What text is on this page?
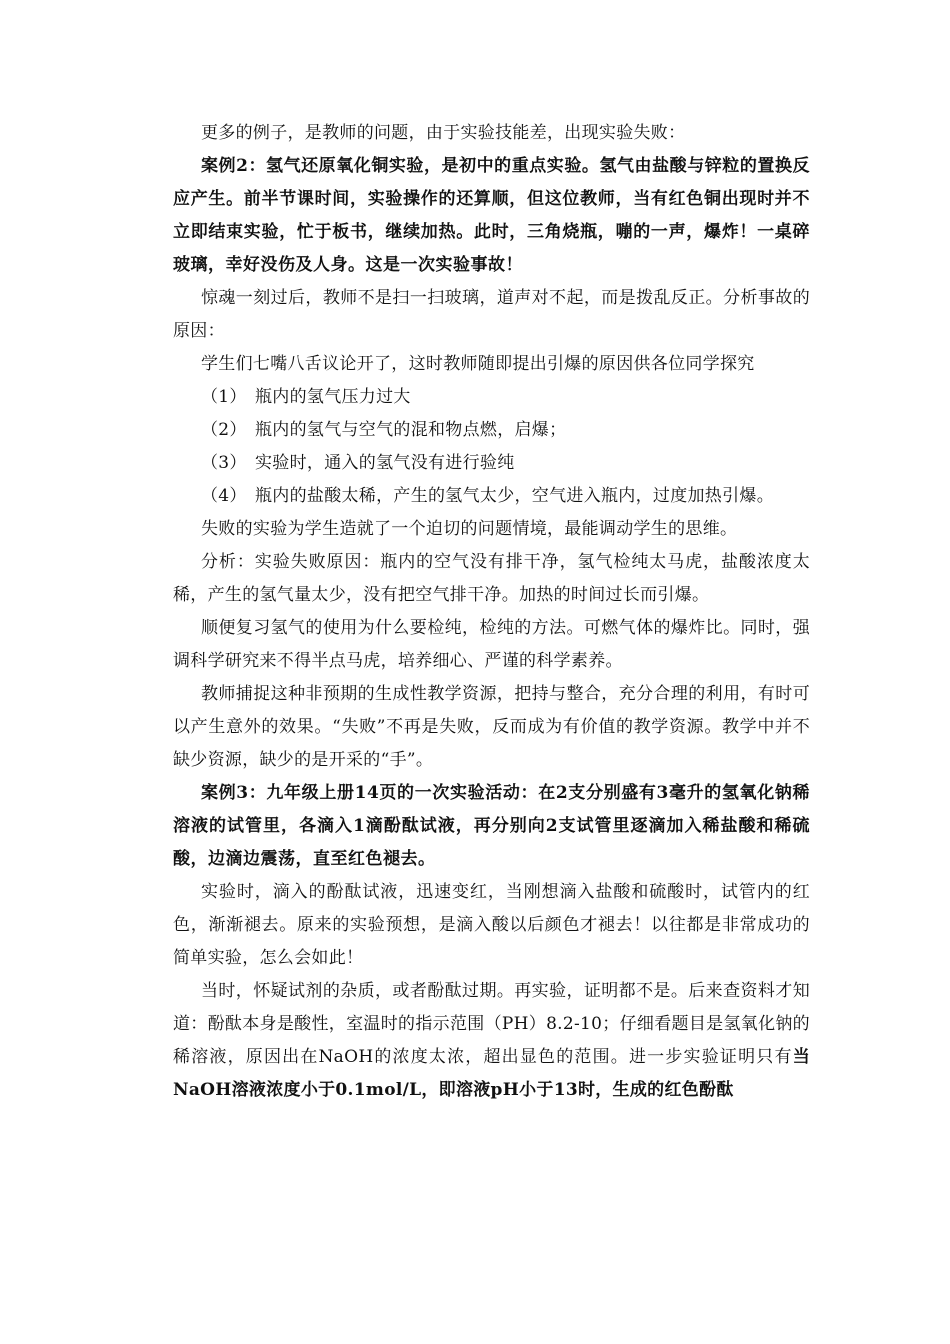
更多的例子，是教师的问题，由于实验技能差，出现实验失败：

案例2：氢气还原氧化铜实验，是初中的重点实验。氢气由盐酸与锌粒的置换反应产生。前半节课时间，实验操作的还算顺，但这位教师，当有红色铜出现时并不立即结束实验，忙于板书，继续加热。此时，三角烧瓶，嘣的一声，爆炸！一桌碎玻璃，幸好没伤及人身。这是一次实验事故！

惊魂一刻过后，教师不是扫一扫玻璃，道声对不起，而是拨乱反正。分析事故的原因：

学生们七嘴八舌议论开了，这时教师随即提出引爆的原因供各位同学探究

（1） 瓶内的氢气压力过大

（2） 瓶内的氢气与空气的混和物点燃，启爆；

（3） 实验时，通入的氢气没有进行验纯

（4） 瓶内的盐酸太稀，产生的氢气太少，空气进入瓶内，过度加热引爆。

失败的实验为学生造就了一个迫切的问题情境，最能调动学生的思维。

分析：实验失败原因：瓶内的空气没有排干净，氢气检纯太马虎，盐酸浓度太稀，产生的氢气量太少，没有把空气排干净。加热的时间过长而引爆。

顺便复习氢气的使用为什么要检纯，检纯的方法。可燃气体的爆炸比。同时，强调科学研究来不得半点马虎，培养细心、严谨的科学素养。

教师捕捉这种非预期的生成性教学资源，把持与整合，充分合理的利用，有时可以产生意外的效果。“失败”不再是失败，反而成为有价值的教学资源。教学中并不缺少资源，缺少的是开采的“手”。

案例3：九年级上册14页的一次实验活动：在2支分别盛有3毫升的氢氧化钠稀溶液的试管里，各滴入1滴酚酞试液，再分别向2支试管里逐滴加入稀盐酸和稀硫酸，边滴边震荡，直至红色褪去。

实验时，滴入的酚酞试液，迅速变红，当刚想滴入盐酸和硫酸时，试管内的红色，渐渐褪去。原来的实验预想，是滴入酸以后颜色才褪去！以往都是非常成功的简单实验，怎么会如此！

当时，怀疑试剂的杂质，或者酚酞过期。再实验，证明都不是。后来查资料才知道：酚酞本身是酸性，室温时的指示范围（PH）8.2-10；仔细看题目是氢氧化钠的稀溶液，原因出在NaOH的浓度太浓，超出显色的范围。进一步实验证明只有当NaOH溶液浓度小于0.1mol/L，即溶液pH小于13时，生成的红色酚酞
